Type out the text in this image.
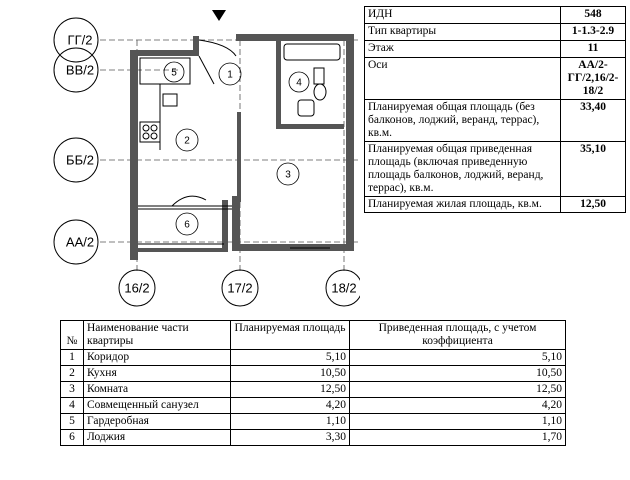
ГГ/2
ВВ/2
ББ/2
АА/2
16/2	17/2	18/2
1
2
3
4
5
6
ИДН	548
Тип квартиры	1-1.3-2.9
Этаж	11
Оси	АА/2-ГГ/2,16/2-18/2
Планируемая общая площадь (без балконов, лоджий, веранд, террас), кв.м.	33,40
Планируемая общая приведенная площадь (включая приведенную площадь балконов, лоджий, веранд, террас), кв.м.	35,10
Планируемая жилая площадь, кв.м.	12,50
№	Наименование части квартиры	Планируемая площадь	Приведенная площадь, с учетом коэффициента
1	Коридор	5,10	5,10
2	Кухня	10,50	10,50
3	Комната	12,50	12,50
4	Совмещенный санузел	4,20	4,20
5	Гардеробная	1,10	1,10
6	Лоджия	3,30	1,70
